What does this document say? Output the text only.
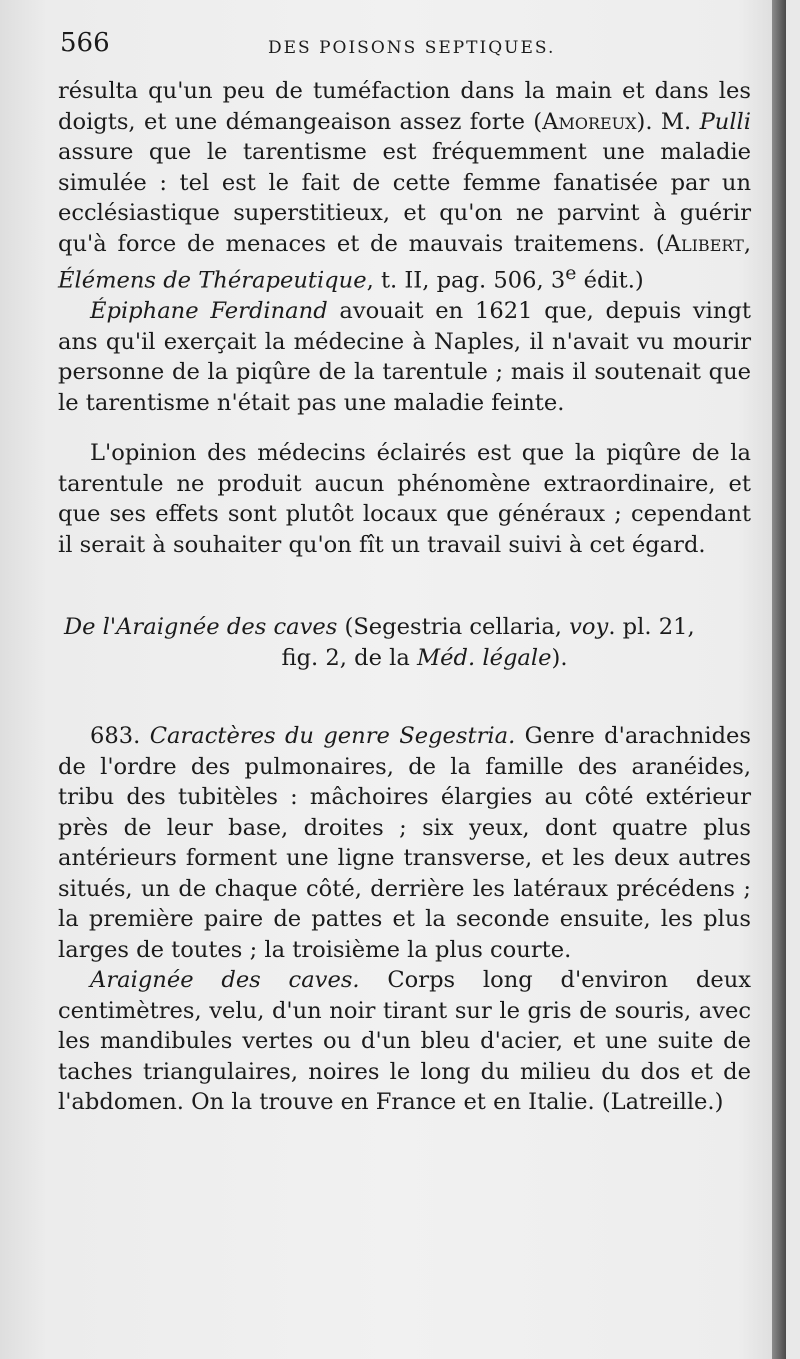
566	DES POISONS SEPTIQUES.

résulta qu'un peu de tuméfaction dans la main et dans les doigts, et une démangeaison assez forte (Amoreux). M. Pulli assure que le tarentisme est fréquemment une maladie simulée : tel est le fait de cette femme fanatisée par un ecclésiastique superstitieux, et qu'on ne parvint à guérir qu'à force de menaces et de mauvais traitemens. (Alibert, Élémens de Thérapeutique, t. II, pag. 506, 3e édit.)

Épiphane Ferdinand avouait en 1621 que, depuis vingt ans qu'il exerçait la médecine à Naples, il n'avait vu mourir personne de la piqûre de la tarentule ; mais il soutenait que le tarentisme n'était pas une maladie feinte.

L'opinion des médecins éclairés est que la piqûre de la tarentule ne produit aucun phénomène extraordinaire, et que ses effets sont plutôt locaux que généraux ; cependant il serait à souhaiter qu'on fît un travail suivi à cet égard.

De l'Araignée des caves (Segestria cellaria, voy. pl. 21,

fig. 2, de la Méd. légale).

683. Caractères du genre Segestria. Genre d'arachnides de l'ordre des pulmonaires, de la famille des aranéides, tribu des tubitèles : mâchoires élargies au côté extérieur près de leur base, droites ; six yeux, dont quatre plus antérieurs forment une ligne transverse, et les deux autres situés, un de chaque côté, derrière les latéraux précédens ; la première paire de pattes et la seconde ensuite, les plus larges de toutes ; la troisième la plus courte.

Araignée des caves. Corps long d'environ deux centimètres, velu, d'un noir tirant sur le gris de souris, avec les mandibules vertes ou d'un bleu d'acier, et une suite de taches triangulaires, noires le long du milieu du dos et de l'abdomen. On la trouve en France et en Italie. (Latreille.)
